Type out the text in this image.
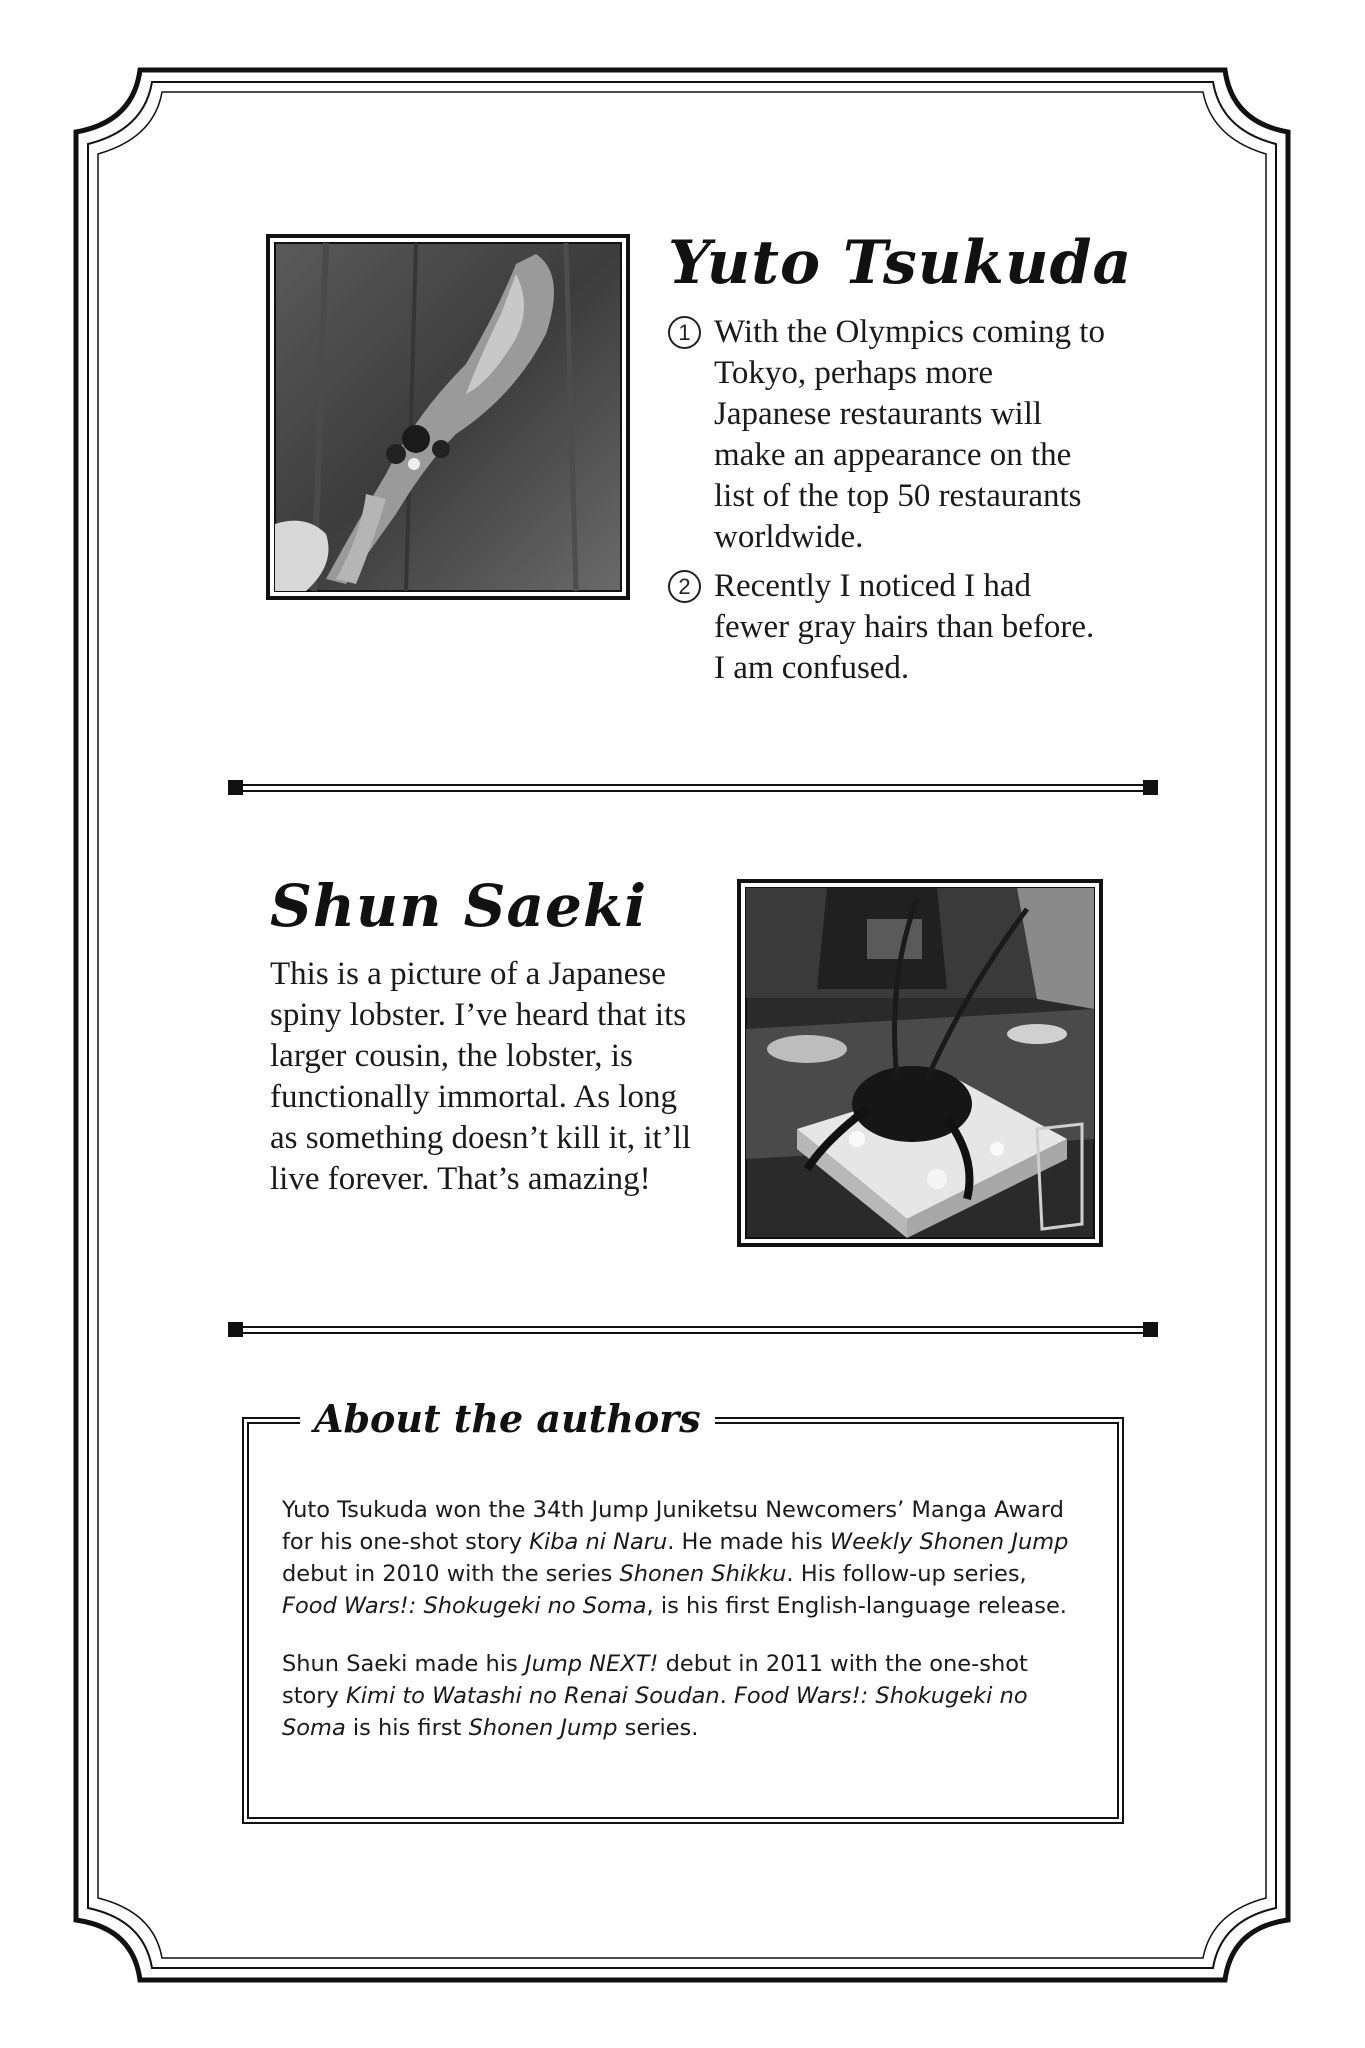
Yuto Tsukuda
1 With the Olympics coming to Tokyo, perhaps more Japanese restaurants will make an appearance on the list of the top 50 restaurants worldwide.
2 Recently I noticed I had fewer gray hairs than before. I am confused.
Shun Saeki

This is a picture of a Japanese spiny lobster. I’ve heard that its larger cousin, the lobster, is functionally immortal. As long as something doesn’t kill it, it’ll live forever. That’s amazing!

About the authors

Yuto Tsukuda won the 34th Jump Juniketsu Newcomers’ Manga Award for his one-shot story Kiba ni Naru. He made his Weekly Shonen Jump debut in 2010 with the series Shonen Shikku. His follow-up series, Food Wars!: Shokugeki no Soma, is his first English-language release.

Shun Saeki made his Jump NEXT! debut in 2011 with the one-shot story Kimi to Watashi no Renai Soudan. Food Wars!: Shokugeki no Soma is his first Shonen Jump series.
